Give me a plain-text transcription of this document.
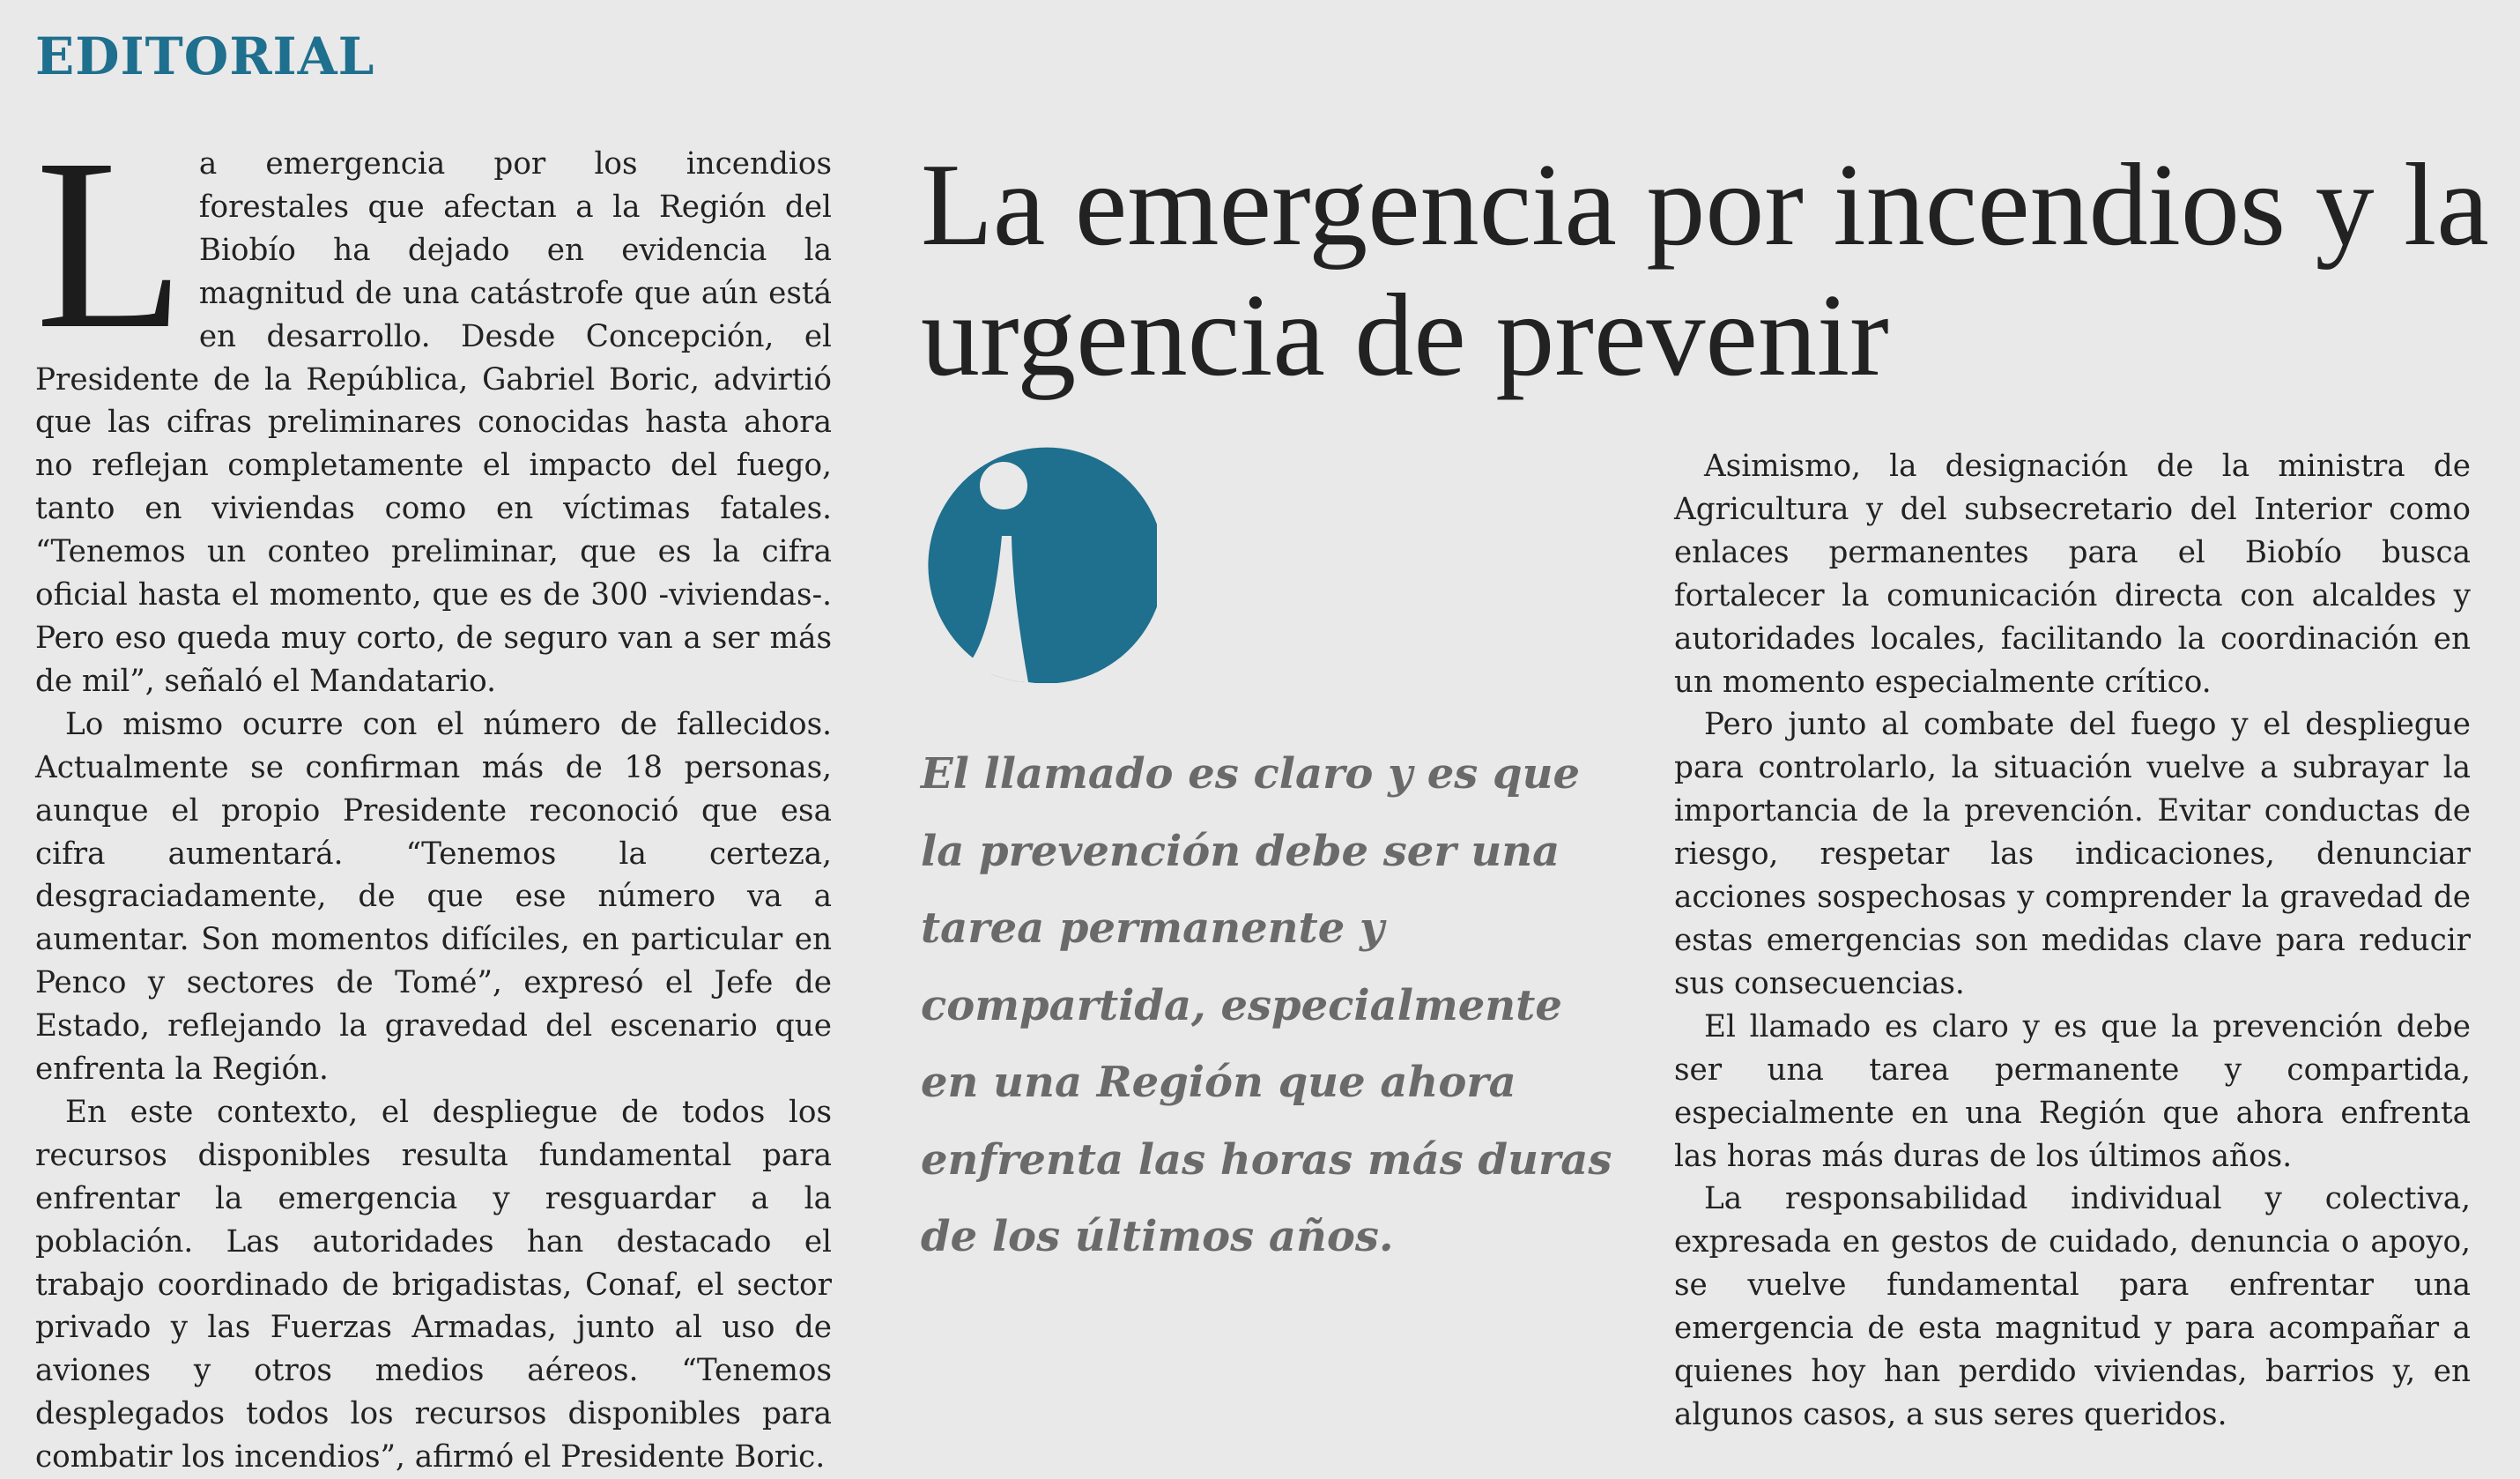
EDITORIAL

La emergencia por los incendios forestales que afectan a la Región del Biobío ha dejado en evidencia la magnitud de una catástrofe que aún está en desarrollo. Desde Concepción, el Presidente de la República, Gabriel Boric, advirtió que las cifras preliminares conocidas hasta ahora no reflejan completamente el impacto del fuego, tanto en viviendas como en víctimas fatales. “Tenemos un conteo preliminar, que es la cifra oficial hasta el momento, que es de 300 -viviendas-. Pero eso queda muy corto, de seguro van a ser más de mil”, señaló el Mandatario.

Lo mismo ocurre con el número de fallecidos. Actualmente se confirman más de 18 personas, aunque el propio Presidente reconoció que esa cifra aumentará. “Tenemos la certeza, desgraciadamente, de que ese número va a aumentar. Son momentos difíciles, en particular en Penco y sectores de Tomé”, expresó el Jefe de Estado, reflejando la gravedad del escenario que enfrenta la Región.

En este contexto, el despliegue de todos los recursos disponibles resulta fundamental para enfrentar la emergencia y resguardar a la población. Las autoridades han destacado el trabajo coordinado de brigadistas, Conaf, el sector privado y las Fuerzas Armadas, junto al uso de aviones y otros medios aéreos. “Tenemos desplegados todos los recursos disponibles para combatir los incendios”, afirmó el Presidente Boric.

La emergencia por incendios y la urgencia de prevenir

El llamado es claro y es que la prevención debe ser una tarea permanente y compartida, especialmente en una Región que ahora enfrenta las horas más duras de los últimos años.

Asimismo, la designación de la ministra de Agricultura y del subsecretario del Interior como enlaces permanentes para el Biobío busca fortalecer la comunicación directa con alcaldes y autoridades locales, facilitando la coordinación en un momento especialmente crítico.

Pero junto al combate del fuego y el despliegue para controlarlo, la situación vuelve a subrayar la importancia de la prevención. Evitar conductas de riesgo, respetar las indicaciones, denunciar acciones sospechosas y comprender la gravedad de estas emergencias son medidas clave para reducir sus consecuencias.

El llamado es claro y es que la prevención debe ser una tarea permanente y compartida, especialmente en una Región que ahora enfrenta las horas más duras de los últimos años.

La responsabilidad individual y colectiva, expresada en gestos de cuidado, denuncia o apoyo, se vuelve fundamental para enfrentar una emergencia de esta magnitud y para acompañar a quienes hoy han perdido viviendas, barrios y, en algunos casos, a sus seres queridos.
